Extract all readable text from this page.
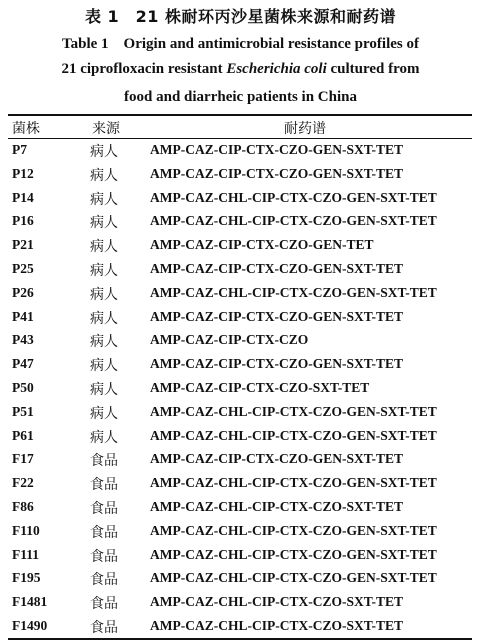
表 1　21 株耐环丙沙星菌株来源和耐药谱
Table 1　Origin and antimicrobial resistance profiles of
21 ciprofloxacin resistant Escherichia coli cultured from
food and diarrheic patients in China
菌株	来源	耐药谱
P7	病人 AMP-CAZ-CIP-CTX-CZO-GEN-SXT-TET
P12	病人 AMP-CAZ-CIP-CTX-CZO-GEN-SXT-TET
P14	病人 AMP-CAZ-CHL-CIP-CTX-CZO-GEN-SXT-TET
P16	病人 AMP-CAZ-CHL-CIP-CTX-CZO-GEN-SXT-TET
P21	病人 AMP-CAZ-CIP-CTX-CZO-GEN-TET
P25	病人 AMP-CAZ-CIP-CTX-CZO-GEN-SXT-TET
P26	病人 AMP-CAZ-CHL-CIP-CTX-CZO-GEN-SXT-TET
P41	病人 AMP-CAZ-CIP-CTX-CZO-GEN-SXT-TET
P43	病人 AMP-CAZ-CIP-CTX-CZO
P47	病人 AMP-CAZ-CIP-CTX-CZO-GEN-SXT-TET
P50	病人 AMP-CAZ-CIP-CTX-CZO-SXT-TET
P51	病人 AMP-CAZ-CHL-CIP-CTX-CZO-GEN-SXT-TET
P61	病人 AMP-CAZ-CHL-CIP-CTX-CZO-GEN-SXT-TET
F17	食品 AMP-CAZ-CIP-CTX-CZO-GEN-SXT-TET
F22	食品 AMP-CAZ-CHL-CIP-CTX-CZO-GEN-SXT-TET
F86	食品 AMP-CAZ-CHL-CIP-CTX-CZO-SXT-TET
F110	食品 AMP-CAZ-CHL-CIP-CTX-CZO-GEN-SXT-TET
F111	食品 AMP-CAZ-CHL-CIP-CTX-CZO-GEN-SXT-TET
F195	食品 AMP-CAZ-CHL-CIP-CTX-CZO-GEN-SXT-TET
F1481	食品 AMP-CAZ-CHL-CIP-CTX-CZO-SXT-TET
F1490	食品 AMP-CAZ-CHL-CIP-CTX-CZO-SXT-TET
